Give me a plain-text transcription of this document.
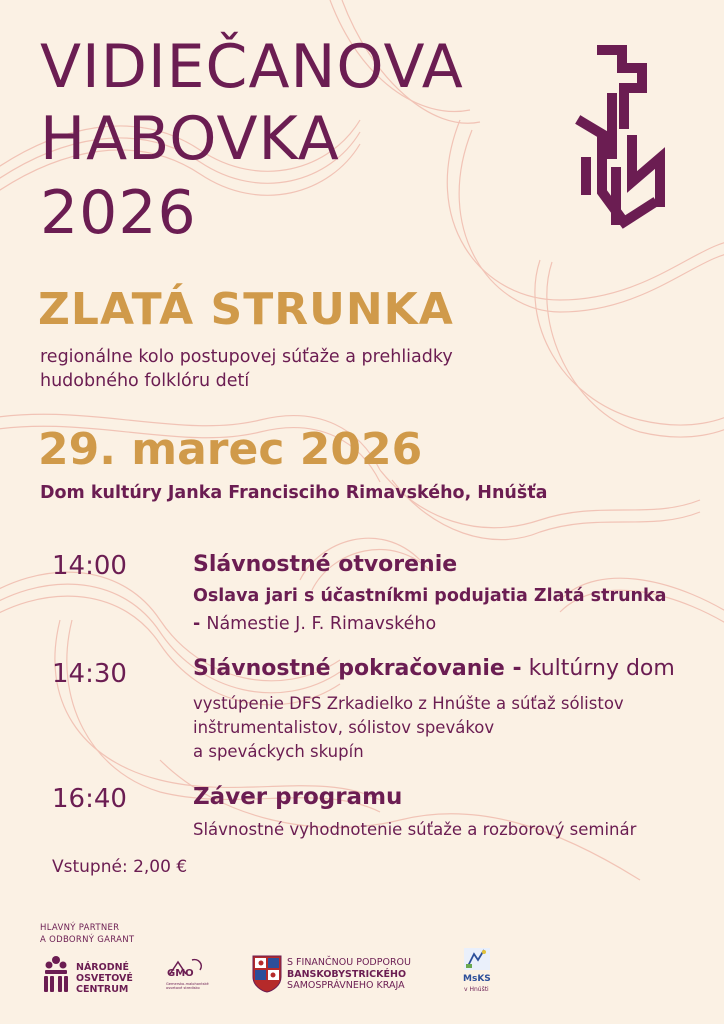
VIDIEČANOVA
HABOVKA
2026
ZLATÁ STRUNKA
regionálne kolo postupovej súťaže a prehliadky
hudobného folklóru detí
29. marec 2026
Dom kultúry Janka Francisciho Rimavského, Hnúšťa
14:00	Slávnostné otvorenie
Oslava jari s účastníkmi podujatia Zlatá strunka
- Námestie J. F. Rimavského
14:30	Slávnostné pokračovanie - kultúrny dom
vystúpenie DFS Zrkadielko z Hnúšte a súťaž sólistov
inštrumentalistov, sólistov spevákov
a speváckych skupín
16:40	Záver programu
Slávnostné vyhodnotenie súťaže a rozborový seminár
Vstupné: 2,00 €
HLAVNÝ PARTNER
A ODBORNÝ GARANT
NÁRODNÉ
OSVETOVÉ
CENTRUM
GMO
Gemersko-malohontské osvetové stredisko
S FINANČNOU PODPOROU
BANSKOBYSTRICKÉHO
SAMOSPRÁVNEHO KRAJA
MsKS
v Hnúšti
